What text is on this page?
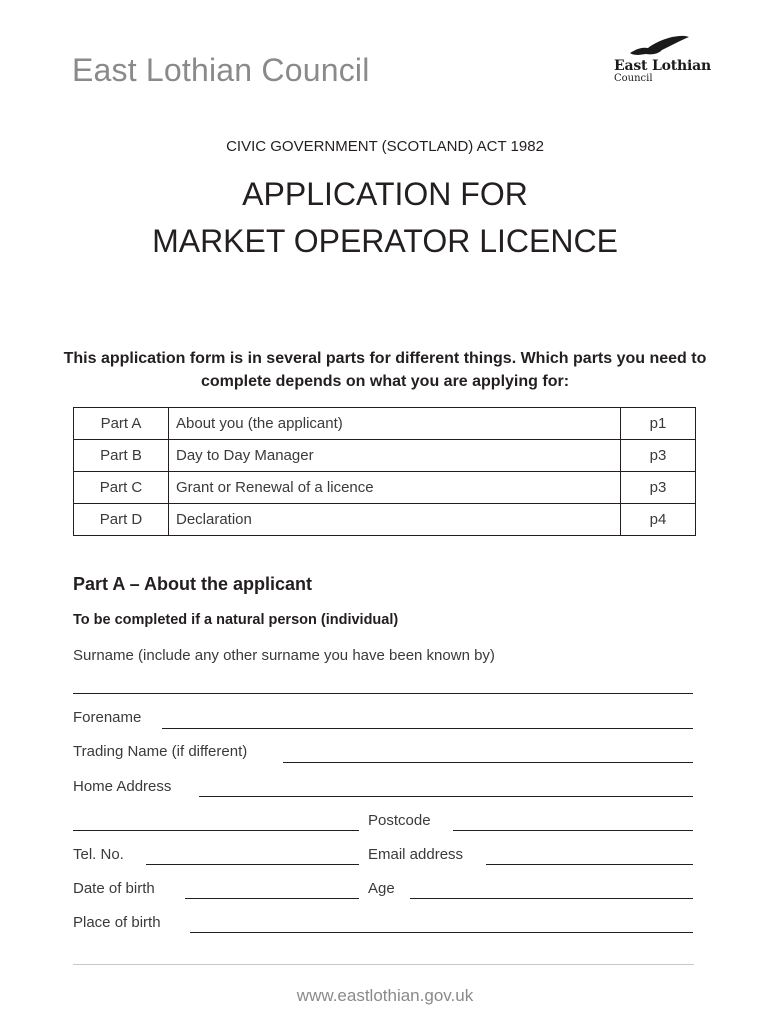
East Lothian Council	East Lothian
Council
CIVIC GOVERNMENT (SCOTLAND) ACT 1982
APPLICATION FOR
MARKET OPERATOR LICENCE
This application form is in several parts for different things. Which parts you need to complete depends on what you are applying for:
Part A	About you (the applicant)	p1
Part B	Day to Day Manager	p3
Part C	Grant or Renewal of a licence	p3
Part D	Declaration	p4
Part A – About the applicant
To be completed if a natural person (individual)
Surname (include any other surname you have been known by)
Forename
Trading Name (if different)
Home Address
Postcode
Tel. No.	Email address
Date of birth	Age
Place of birth
www.eastlothian.gov.uk
